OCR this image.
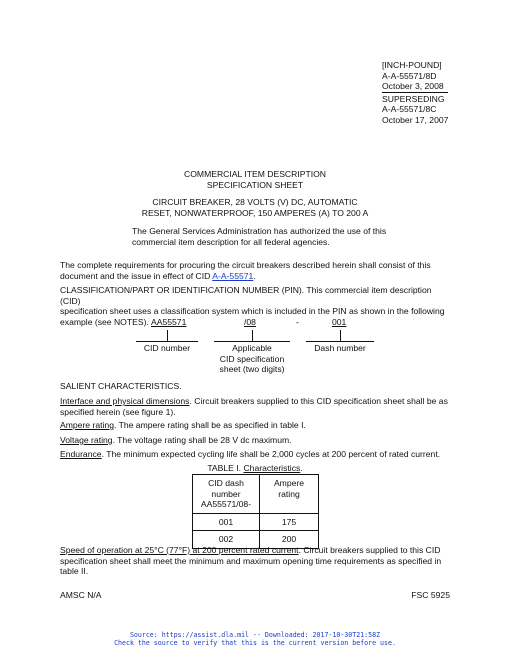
[INCH-POUND]
A-A-55571/8D
October 3, 2008
SUPERSEDING
A-A-55571/8C
October 17, 2007
COMMERCIAL ITEM DESCRIPTION
SPECIFICATION SHEET
CIRCUIT BREAKER, 28 VOLTS (V) DC, AUTOMATIC
RESET, NONWATERPROOF, 150 AMPERES (A) TO 200 A
The General Services Administration has authorized the use of this
commercial item description for all federal agencies.
The complete requirements for procuring the circuit breakers described herein shall consist of this
document and the issue in effect of CID A-A-55571.
CLASSIFICATION/PART OR IDENTIFICATION NUMBER (PIN). This commercial item description (CID)
specification sheet uses a classification system which is included in the PIN as shown in the following
example (see NOTES). AA55571	/08	-	001
CID number	Applicable
CID specification
sheet (two digits)
Dash number
SALIENT CHARACTERISTICS.
Interface and physical dimensions. Circuit breakers supplied to this CID specification sheet shall be as
specified herein (see figure 1).
Ampere rating. The ampere rating shall be as specified in table I.
Voltage rating. The voltage rating shall be 28 V dc maximum.
Endurance. The minimum expected cycling life shall be 2,000 cycles at 200 percent of rated current.
TABLE I. Characteristics.
CID dash
number
AA55571/08-	Ampere rating
001	175
002	200
Speed of operation at 25°C (77°F) at 200 percent rated current. Circuit breakers supplied to this CID
specification sheet shall meet the minimum and maximum opening time requirements as specified in
table II.
AMSC N/A	FSC 5925
Source: https://assist.dla.mil -- Downloaded: 2017-10-30T21:58Z
Check the source to verify that this is the current version before use.
